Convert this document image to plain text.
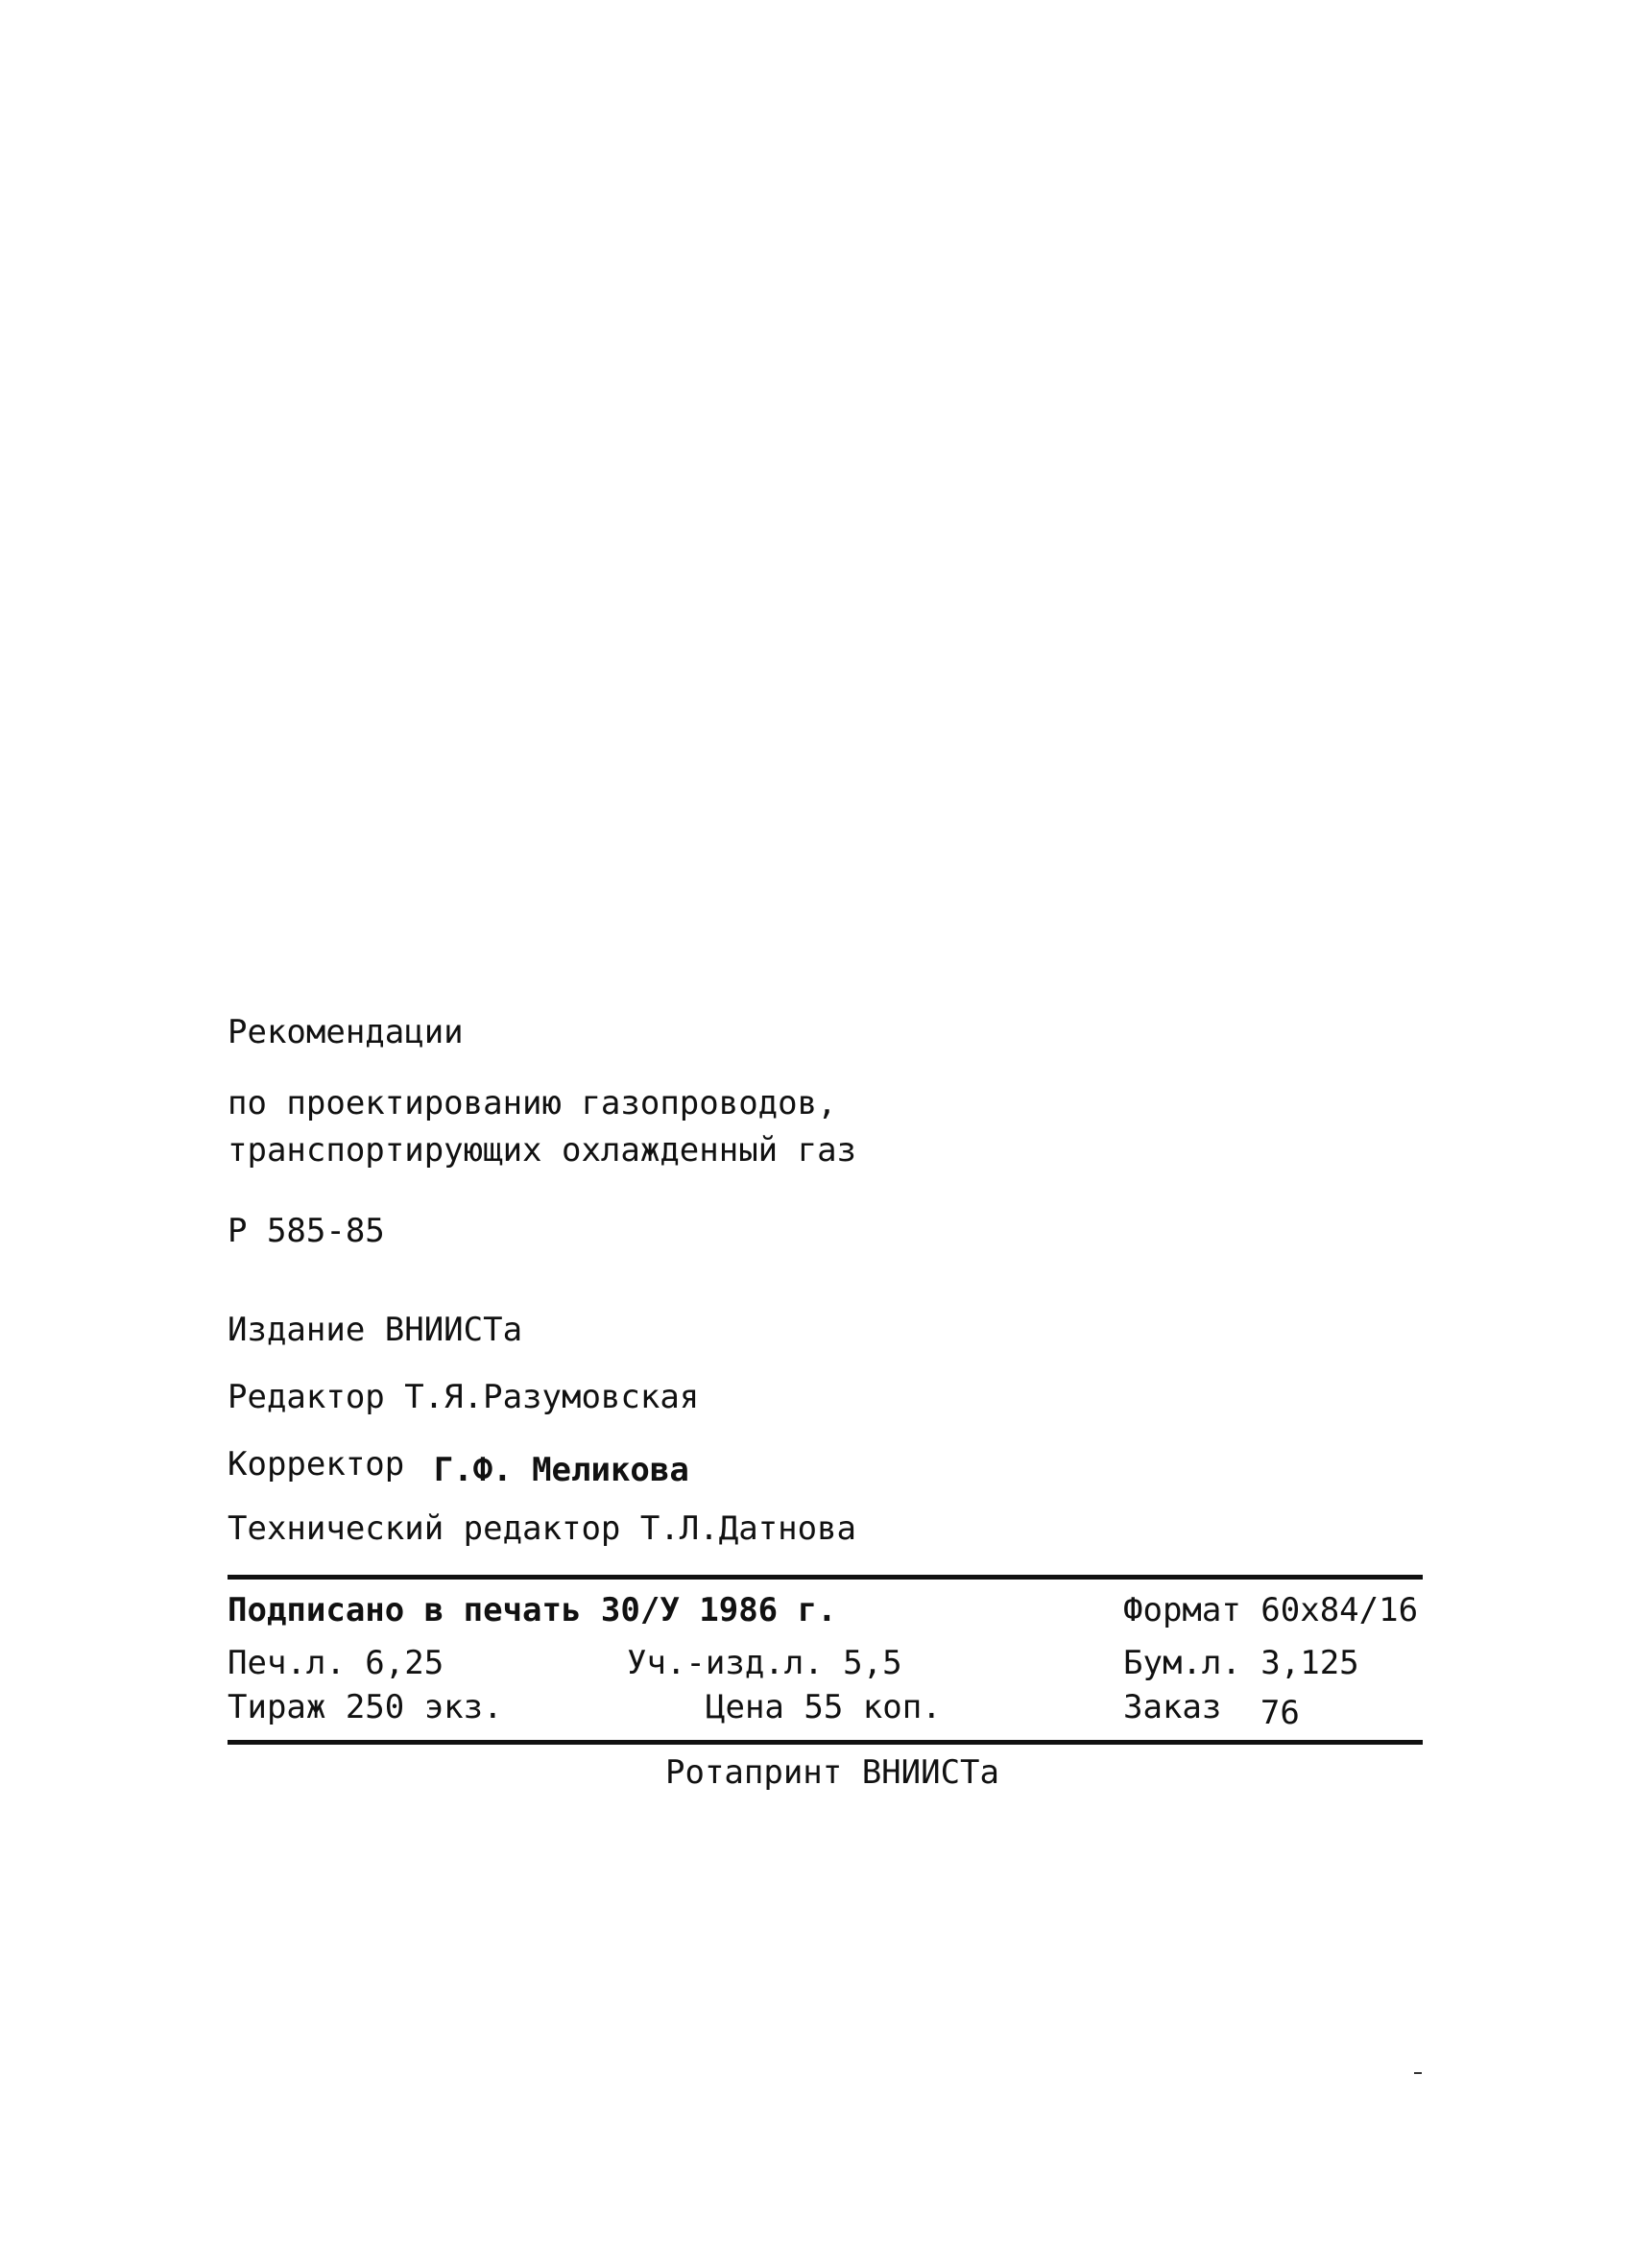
Рекомендации
по проектированию газопроводов,
транспортирующих охлажденный газ
Р 585-85
Издание ВНИИСТа
Редактор Т.Я.Разумовская
Корректор Г.Ф. Меликова
Технический редактор Т.Л.Датнова
Подписано в печать 30/У 1986 г.	Формат 60х84/16
Печ.л. 6,25	Уч.-изд.л. 5,5	Бум.л. 3,125
Тираж 250 экз.	Цена 55 коп.	Заказ 76
Ротапринт ВНИИСТа
